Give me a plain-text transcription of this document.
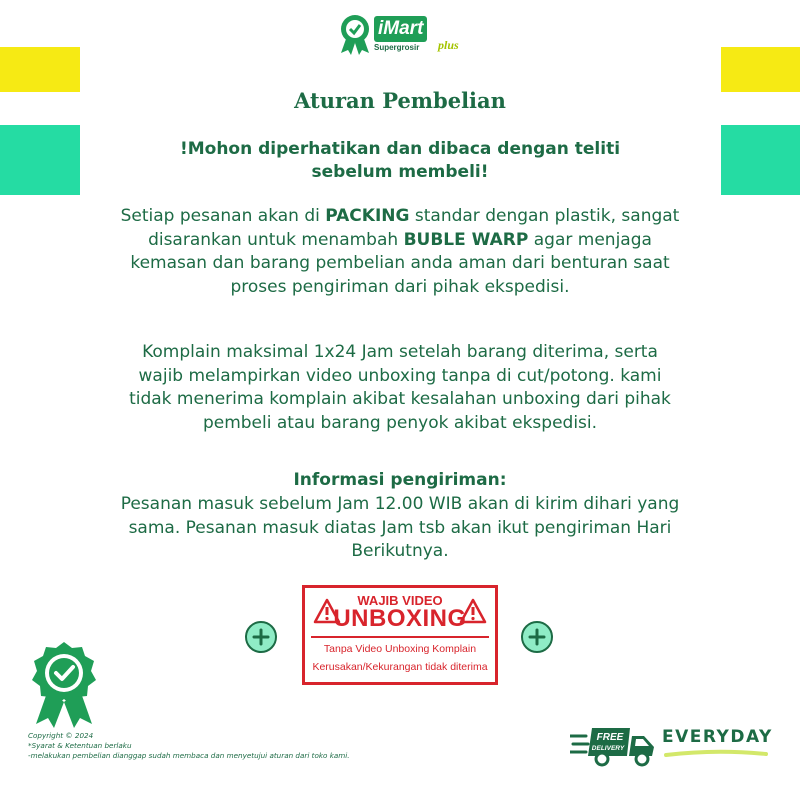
iMart
Supergrosir plus
Aturan Pembelian
!Mohon diperhatikan dan dibaca dengan teliti sebelum membeli!
Setiap pesanan akan di PACKING standar dengan plastik, sangat disarankan untuk menambah BUBLE WARP agar menjaga kemasan dan barang pembelian anda aman dari benturan saat proses pengiriman dari pihak ekspedisi.
Komplain maksimal 1x24 Jam setelah barang diterima, serta wajib melampirkan video unboxing tanpa di cut/potong. kami tidak menerima komplain akibat kesalahan unboxing dari pihak pembeli atau barang penyok akibat ekspedisi.
Informasi pengiriman:
Pesanan masuk sebelum Jam 12.00 WIB akan di kirim dihari yang sama. Pesanan masuk diatas Jam tsb akan ikut pengiriman Hari Berikutnya.
WAJIB VIDEO
UNBOXING
Tanpa Video Unboxing Komplain
Kerusakan/Kekurangan tidak diterima
Copyright © 2024
*Syarat & Ketentuan berlaku
-melakukan pembelian dianggap sudah membaca dan menyetujui aturan dari toko kami.
FREE
DELIVERY
EVERYDAY
